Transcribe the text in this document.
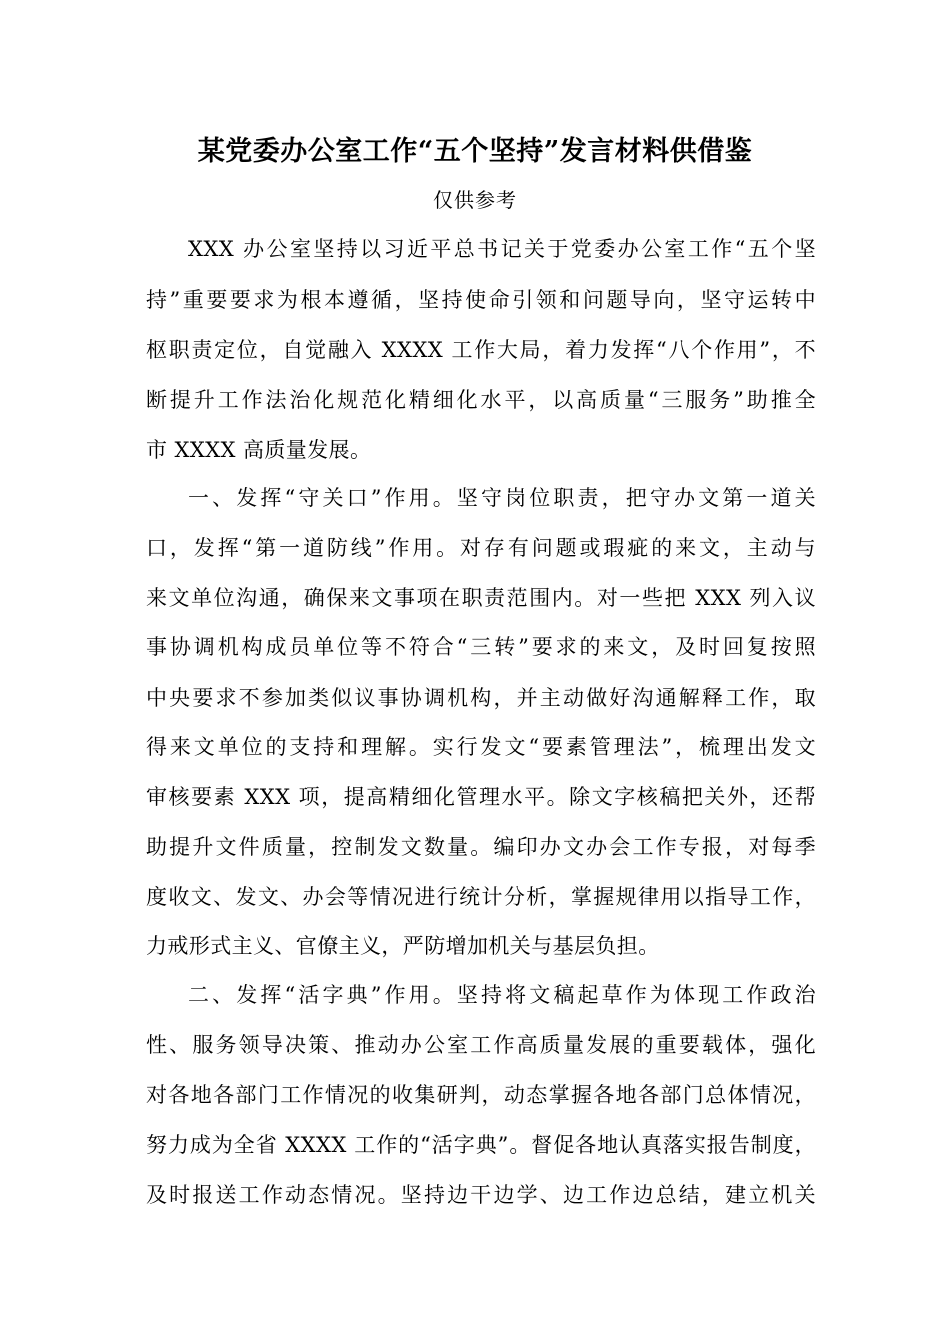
某党委办公室工作“五个坚持”发言材料供借鉴
仅供参考
XXX 办公室坚持以习近平总书记关于党委办公室工作“五个坚
持”重要要求为根本遵循，坚持使命引领和问题导向，坚守运转中
枢职责定位，自觉融入 XXXX 工作大局，着力发挥“八个作用”，不
断提升工作法治化规范化精细化水平，以高质量“三服务”助推全
市 XXXX 高质量发展。
一、发挥“守关口”作用。坚守岗位职责，把守办文第一道关
口，发挥“第一道防线”作用。对存有问题或瑕疵的来文，主动与
来文单位沟通，确保来文事项在职责范围内。对一些把 XXX 列入议
事协调机构成员单位等不符合“三转”要求的来文，及时回复按照
中央要求不参加类似议事协调机构，并主动做好沟通解释工作，取
得来文单位的支持和理解。实行发文“要素管理法”，梳理出发文
审核要素 XXX 项，提高精细化管理水平。除文字核稿把关外，还帮
助提升文件质量，控制发文数量。编印办文办会工作专报，对每季
度收文、发文、办会等情况进行统计分析，掌握规律用以指导工作，
力戒形式主义、官僚主义，严防增加机关与基层负担。
二、发挥“活字典”作用。坚持将文稿起草作为体现工作政治
性、服务领导决策、推动办公室工作高质量发展的重要载体，强化
对各地各部门工作情况的收集研判，动态掌握各地各部门总体情况，
努力成为全省 XXXX 工作的“活字典”。督促各地认真落实报告制度，
及时报送工作动态情况。坚持边干边学、边工作边总结，建立机关
